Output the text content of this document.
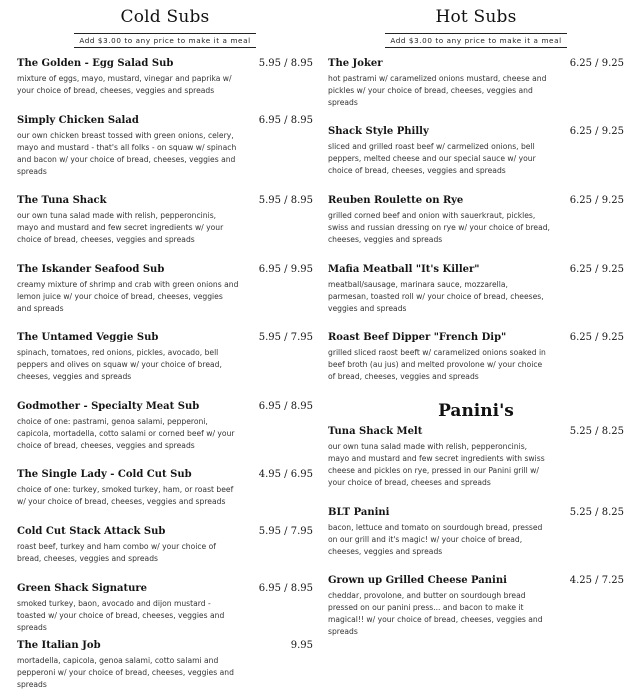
Cold Subs
Add $3.00 to any price to make it a meal
The Golden - Egg Salad Sub	5.95 / 8.95
mixture of eggs, mayo, mustard, vinegar and paprika w/ your choice of bread, cheeses, veggies and spreads
Simply Chicken Salad	6.95 / 8.95
our own chicken breast tossed with green onions, celery, mayo and mustard - that's all folks - on squaw w/ spinach and bacon w/ your choice of bread, cheeses, veggies and spreads
The Tuna Shack	5.95 / 8.95
our own tuna salad made with relish, pepperoncinis, mayo and mustard and few secret ingredients w/ your choice of bread, cheeses, veggies and spreads
The Iskander Seafood Sub	6.95 / 9.95
creamy mixture of shrimp and crab with green onions and lemon juice w/ your choice of bread, cheeses, veggies and spreads
The Untamed Veggie Sub	5.95 / 7.95
spinach, tomatoes, red onions, pickles, avocado, bell peppers and olives on squaw w/ your choice of bread, cheeses, veggies and spreads
Godmother - Specialty Meat Sub	6.95 / 8.95
choice of one: pastrami, genoa salami, pepperoni, capicola, mortadella, cotto salami or corned beef w/ your choice of bread, cheeses, veggies and spreads
The Single Lady - Cold Cut Sub	4.95 / 6.95
choice of one: turkey, smoked turkey, ham, or roast beef w/ your choice of bread, cheeses, veggies and spreads
Cold Cut Stack Attack Sub	5.95 / 7.95
roast beef, turkey and ham combo w/ your choice of bread, cheeses, veggies and spreads
Green Shack Signature	6.95 / 8.95
smoked turkey, baon, avocado and dijon mustard - toasted w/ your choice of bread, cheeses, veggies and spreads
The Italian Job	9.95
mortadella, capicola, genoa salami, cotto salami and pepperoni w/ your choice of bread, cheeses, veggies and spreads
Hot Subs
Add $3.00 to any price to make it a meal
The Joker	6.25 / 9.25
hot pastrami w/ caramelized onions mustard, cheese and pickles w/ your choice of bread, cheeses, veggies and spreads
Shack Style Philly	6.25 / 9.25
sliced and grilled roast beef w/ carmelized onions, bell peppers, melted cheese and our special sauce w/ your choice of bread, cheeses, veggies and spreads
Reuben Roulette on Rye	6.25 / 9.25
grilled corned beef and onion with sauerkraut, pickles, swiss and russian dressing on rye w/ your choice of bread, cheeses, veggies and spreads
Mafia Meatball "It's Killer"	6.25 / 9.25
meatball/sausage, marinara sauce, mozzarella, parmesan, toasted roll w/ your choice of bread, cheeses, veggies and spreads
Roast Beef Dipper "French Dip"	6.25 / 9.25
grilled sliced raost beeft w/ caramelized onions soaked in beef broth (au jus) and melted provolone w/ your choice of bread, cheeses, veggies and spreads
Panini's
Tuna Shack Melt	5.25 / 8.25
our own tuna salad made with relish, pepperoncinis, mayo and mustard and few secret ingredients with swiss cheese and pickles on rye, pressed in our Panini grill w/ your choice of bread, cheeses and spreads
BLT Panini	5.25 / 8.25
bacon, lettuce and tomato on sourdough bread, pressed on our grill and it's magic! w/ your choice of bread, cheeses, veggies and spreads
Grown up Grilled Cheese Panini	4.25 / 7.25
cheddar, provolone, and butter on sourdough bread pressed on our panini press... and bacon to make it magical!! w/ your choice of bread, cheeses, veggies and spreads
